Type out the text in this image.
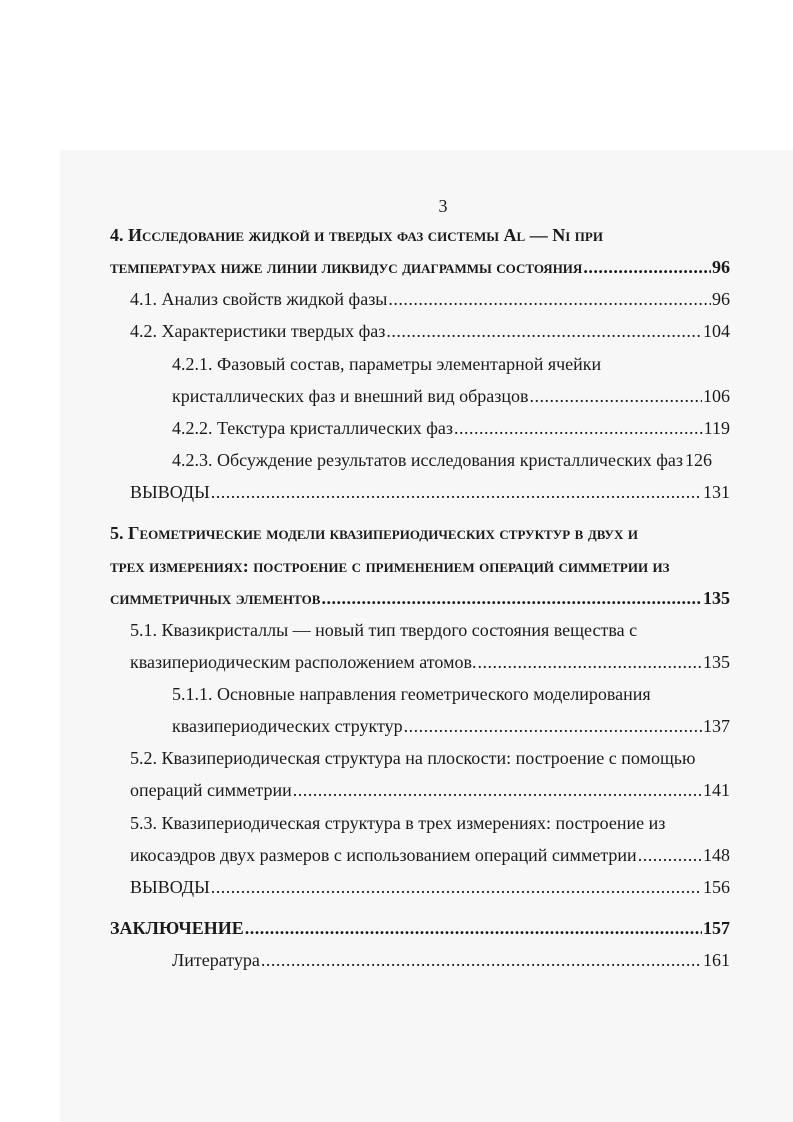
3
4. Исследование жидкой и твердых фаз системы Al — Ni при
температурах ниже линии ликвидус диаграммы состояния .....	96
4.1. Анализ свойств жидкой фазы .....	96
4.2. Характеристики твердых фаз .....	104
4.2.1. Фазовый состав, параметры элементарной ячейки
кристаллических фаз и внешний вид образцов .....	106
4.2.2. Текстура кристаллических фаз .....	119
4.2.3. Обсуждение результатов исследования кристаллических фаз 126
ВЫВОДЫ .....	131
5. Геометрические модели квазипериодических структур в двух и
трех измерениях: построение с применением операций симметрии из
симметричных элементов .....	135
5.1. Квазикристаллы — новый тип твердого состояния вещества с
квазипериодическим расположением атомов. .....	135
5.1.1. Основные направления геометрического моделирования
квазипериодических структур .....	137
5.2. Квазипериодическая структура на плоскости: построение с помощью
операций симметрии .....	141
5.3. Квазипериодическая структура в трех измерениях: построение из
икосаэдров двух размеров с использованием операций симметрии .....	148
ВЫВОДЫ .....	156
ЗАКЛЮЧЕНИЕ .....	157
Литература .....	161
